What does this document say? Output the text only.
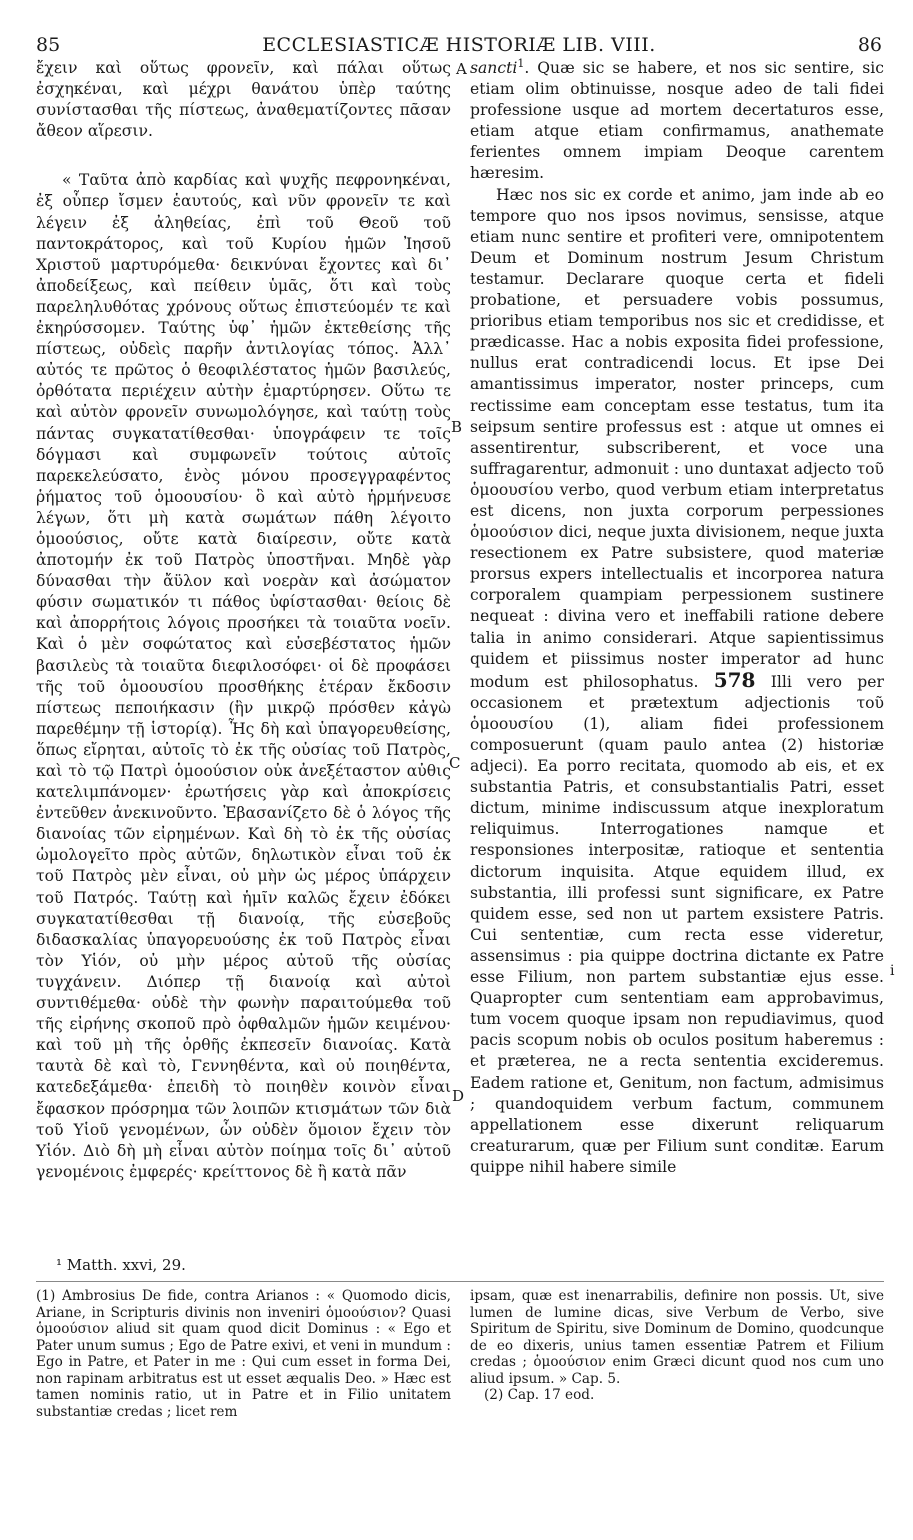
85	ECCLESIASTICÆ HISTORIÆ LIB. VIII.	86

ἔχειν καὶ οὕτως φρονεῖν, καὶ πάλαι οὕτως ἐσχηκέναι, καὶ μέχρι θανάτου ὑπὲρ ταύτης συνίστασθαι τῆς πίστεως, ἀναθεματίζοντες πᾶσαν ἄθεον αἵρεσιν.

« Ταῦτα ἀπὸ καρδίας καὶ ψυχῆς πεφρονηκέναι, ἐξ οὗπερ ἴσμεν ἑαυτούς, καὶ νῦν φρονεῖν τε καὶ λέγειν ἐξ ἀληθείας, ἐπὶ τοῦ Θεοῦ τοῦ παντοκράτορος, καὶ τοῦ Κυρίου ἡμῶν Ἰησοῦ Χριστοῦ μαρτυρόμεθα· δεικνύναι ἔχοντες καὶ δι᾽ ἀποδείξεως, καὶ πείθειν ὑμᾶς, ὅτι καὶ τοὺς παρεληλυθότας χρόνους οὕτως ἐπιστεύομέν τε καὶ ἐκηρύσσομεν. Ταύτης ὑφ᾽ ἡμῶν ἐκτεθείσης τῆς πίστεως, οὐδεὶς παρῆν ἀντιλογίας τόπος. Ἀλλ᾽ αὐτός τε πρῶτος ὁ θεοφιλέστατος ἡμῶν βασιλεύς, ὀρθότατα περιέχειν αὐτὴν ἐμαρτύρησεν. Οὕτω τε καὶ αὐτὸν φρονεῖν συνωμολόγησε, καὶ ταύτῃ τοὺς πάντας συγκατατίθεσθαι· ὑπογράφειν τε τοῖς δόγμασι καὶ συμφωνεῖν τούτοις αὐτοῖς παρεκελεύσατο, ἑνὸς μόνου προσεγγραφέντος ῥήματος τοῦ ὁμοουσίου· ὃ καὶ αὐτὸ ἡρμήνευσε λέγων, ὅτι μὴ κατὰ σωμάτων πάθη λέγοιτο ὁμοούσιος, οὔτε κατὰ διαίρεσιν, οὔτε κατὰ ἀποτομήν ἐκ τοῦ Πατρὸς ὑποστῆναι. Μηδὲ γὰρ δύνασθαι τὴν ἄϋλον καὶ νοερὰν καὶ ἀσώματον φύσιν σωματικόν τι πάθος ὑφίστασθαι· θείοις δὲ καὶ ἀπορρήτοις λόγοις προσήκει τὰ τοιαῦτα νοεῖν. Καὶ ὁ μὲν σοφώτατος καὶ εὐσεβέστατος ἡμῶν βασιλεὺς τὰ τοιαῦτα διεφιλοσόφει· οἱ δὲ προφάσει τῆς τοῦ ὁμοουσίου προσθήκης ἑτέραν ἔκδοσιν πίστεως πεποιήκασιν (ἣν μικρῷ πρόσθεν κἀγὼ παρεθέμην τῇ ἱστορίᾳ). Ἧς δὴ καὶ ὑπαγορευθείσης, ὅπως εἴρηται, αὐτοῖς τὸ ἐκ τῆς οὐσίας τοῦ Πατρὸς, καὶ τὸ τῷ Πατρὶ ὁμοούσιον οὐκ ἀνεξέταστον αὐθις κατελιμπάνομεν· ἐρωτήσεις γὰρ καὶ ἀποκρίσεις ἐντεῦθεν ἀνεκινοῦντο. Ἐβασανίζετο δὲ ὁ λόγος τῆς διανοίας τῶν εἰρημένων. Καὶ δὴ τὸ ἐκ τῆς οὐσίας ὡμολογεῖτο πρὸς αὐτῶν, δηλωτικὸν εἶναι τοῦ ἐκ τοῦ Πατρὸς μὲν εἶναι, οὐ μὴν ὡς μέρος ὑπάρχειν τοῦ Πατρός. Ταύτῃ καὶ ἡμῖν καλῶς ἔχειν ἐδόκει συγκατατίθεσθαι τῇ διανοίᾳ, τῆς εὐσεβοῦς διδασκαλίας ὑπαγορευούσης ἐκ τοῦ Πατρὸς εἶναι τὸν Υἱόν, οὐ μὴν μέρος αὐτοῦ τῆς οὐσίας τυγχάνειν. Διόπερ τῇ διανοίᾳ καὶ αὐτοὶ συντιθέμεθα· οὐδὲ τὴν φωνὴν παραιτούμεθα τοῦ τῆς εἰρήνης σκοποῦ πρὸ ὀφθαλμῶν ἡμῶν κειμένου· καὶ τοῦ μὴ τῆς ὀρθῆς ἐκπεσεῖν διανοίας. Κατὰ ταυτὰ δὲ καὶ τὸ, Γεννηθέντα, καὶ οὐ ποιηθέντα, κατεδεξάμεθα· ἐπειδὴ τὸ ποιηθὲν κοινὸν εἶναι ἔφασκον πρόσρημα τῶν λοιπῶν κτισμάτων τῶν διὰ τοῦ Υἱοῦ γενομένων, ὧν οὐδὲν ὅμοιον ἔχειν τὸν Υἱόν. Διὸ δὴ μὴ εἶναι αὐτὸν ποίημα τοῖς δι᾽ αὐτοῦ γενομένοις ἐμφερές· κρείττονος δὲ ἢ κατὰ πᾶν

A
B
C
D
i

sancti$^1$. Quæ sic se habere, et nos sic sentire, sic etiam olim obtinuisse, nosque adeo de tali fidei professione usque ad mortem decertaturos esse, etiam atque etiam confirmamus, anathemate ferientes omnem impiam Deoque carentem hæresim.

Hæc nos sic ex corde et animo, jam inde ab eo tempore quo nos ipsos novimus, sensisse, atque etiam nunc sentire et profiteri vere, omnipotentem Deum et Dominum nostrum Jesum Christum testamur. Declarare quoque certa et fideli probatione, et persuadere vobis possumus, prioribus etiam temporibus nos sic et credidisse, et prædicasse. Hac a nobis exposita fidei professione, nullus erat contradicendi locus. Et ipse Dei amantissimus imperator, noster princeps, cum rectissime eam conceptam esse testatus, tum ita seipsum sentire professus est : atque ut omnes ei assentirentur, subscriberent, et voce una suffragarentur, admonuit : uno duntaxat adjecto τοῦ ὁμοουσίου verbo, quod verbum etiam interpretatus est dicens, non juxta corporum perpessiones ὁμοούσιον dici, neque juxta divisionem, neque juxta resectionem ex Patre subsistere, quod materiæ prorsus expers intellectualis et incorporea natura corporalem quampiam perpessionem sustinere nequeat : divina vero et ineffabili ratione debere talia in animo considerari. Atque sapientissimus quidem et piissimus noster imperator ad hunc modum est philosophatus. 578 Illi vero per occasionem et prætextum adjectionis τοῦ ὁμοουσίου (1), aliam fidei professionem composuerunt (quam paulo antea (2) historiæ adjeci). Ea porro recitata, quomodo ab eis, et ex substantia Patris, et consubstantialis Patri, esset dictum, minime indiscussum atque inexploratum reliquimus. Interrogationes namque et responsiones interpositæ, ratioque et sententia dictorum inquisita. Atque equidem illud, ex substantia, illi professi sunt significare, ex Patre quidem esse, sed non ut partem exsistere Patris. Cui sententiæ, cum recta esse videretur, assensimus : pia quippe doctrina dictante ex Patre esse Filium, non partem substantiæ ejus esse. Quapropter cum sententiam eam approbavimus, tum vocem quoque ipsam non repudiavimus, quod pacis scopum nobis ob oculos positum haberemus : et præterea, ne a recta sententia excideremus. Eadem ratione et, Genitum, non factum, admisimus ; quandoquidem verbum factum, communem appellationem esse dixerunt reliquarum creaturarum, quæ per Filium sunt conditæ. Earum quippe nihil habere simile

¹ Matth. xxvi, 29.

(1) Ambrosius De fide, contra Arianos : « Quomodo dicis, Ariane, in Scripturis divinis non inveniri ὁμοούσιον? Quasi ὁμοούσιον aliud sit quam quod dicit Dominus : « Ego et Pater unum sumus ; Ego de Patre exivi, et veni in mundum : Ego in Patre, et Pater in me : Qui cum esset in forma Dei, non rapinam arbitratus est ut esset æqualis Deo. » Hæc est tamen nominis ratio, ut in Patre et in Filio unitatem substantiæ credas ; licet rem

ipsam, quæ est inenarrabilis, definire non possis. Ut, sive lumen de lumine dicas, sive Verbum de Verbo, sive Spiritum de Spiritu, sive Dominum de Domino, quodcunque de eo dixeris, unius tamen essentiæ Patrem et Filium credas ; ὁμοούσιον enim Græci dicunt quod nos cum uno aliud ipsum. » Cap. 5.

(2) Cap. 17 eod.
